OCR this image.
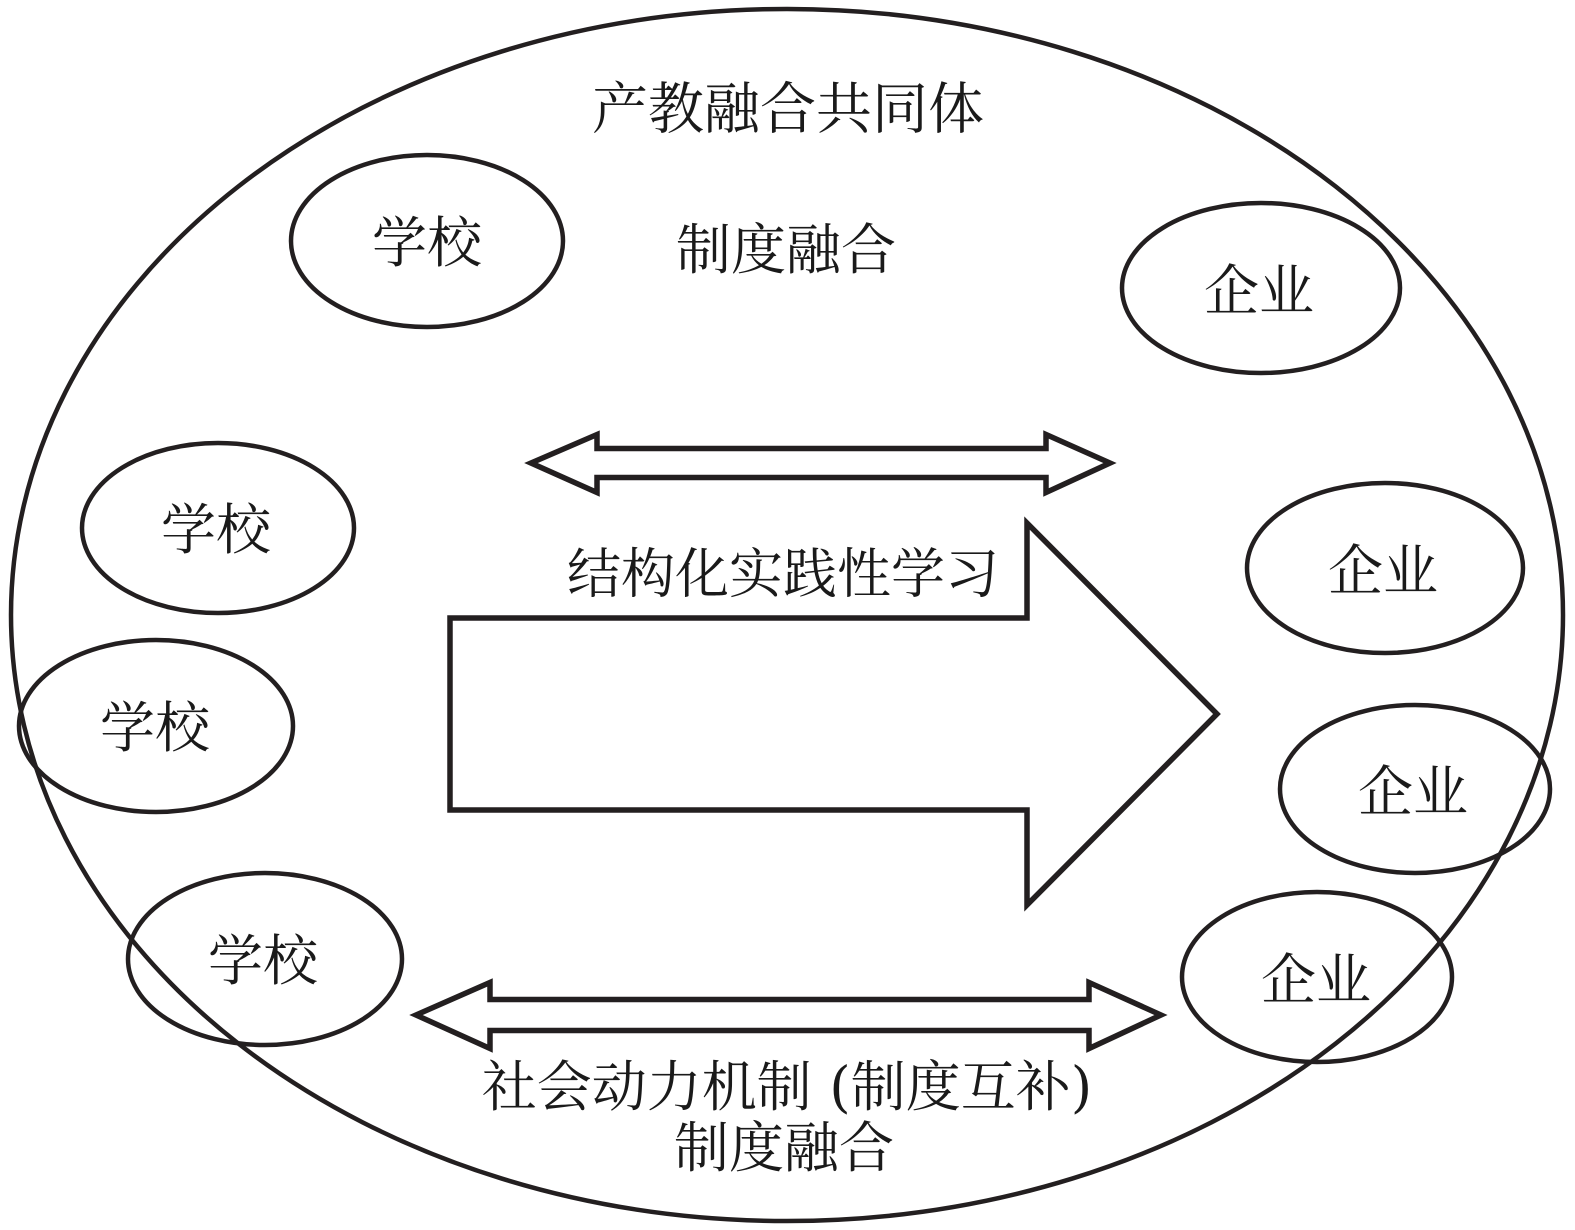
产教融合共同体
制度融合
学校
学校
学校
学校
企业
企业
企业
企业
结构化实践性学习
社会动力机制 (制度互补)
制度融合
